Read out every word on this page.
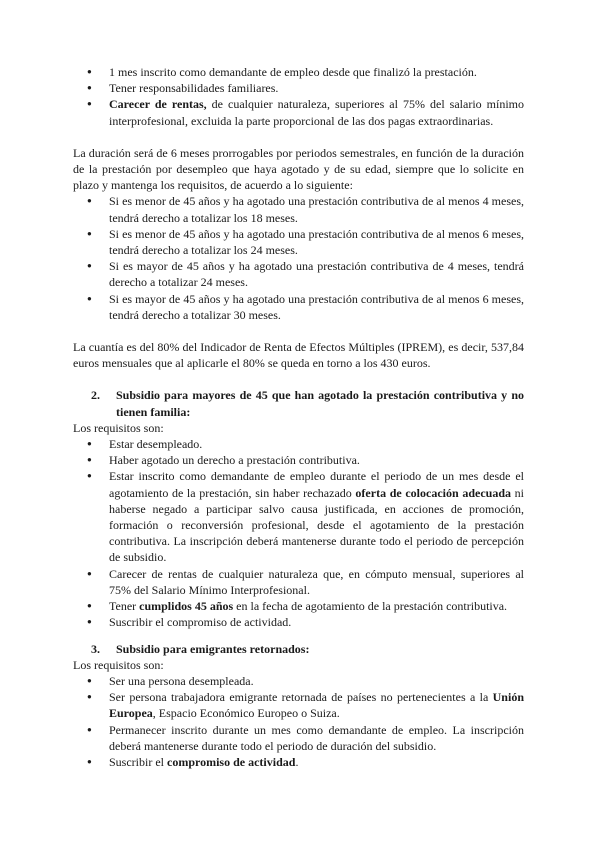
● 1 mes inscrito como demandante de empleo desde que finalizó la prestación.
● Tener responsabilidades familiares.
● Carecer de rentas, de cualquier naturaleza, superiores al 75% del salario mínimo interprofesional, excluida la parte proporcional de las dos pagas extraordinarias.

La duración será de 6 meses prorrogables por periodos semestrales, en función de la duración de la prestación por desempleo que haya agotado y de su edad, siempre que lo solicite en plazo y mantenga los requisitos, de acuerdo a lo siguiente:

● Si es menor de 45 años y ha agotado una prestación contributiva de al menos 4 meses, tendrá derecho a totalizar los 18 meses.
● Si es menor de 45 años y ha agotado una prestación contributiva de al menos 6 meses, tendrá derecho a totalizar los 24 meses.
● Si es mayor de 45 años y ha agotado una prestación contributiva de 4 meses, tendrá derecho a totalizar 24 meses.
● Si es mayor de 45 años y ha agotado una prestación contributiva de al menos 6 meses, tendrá derecho a totalizar 30 meses.

La cuantía es del 80% del Indicador de Renta de Efectos Múltiples (IPREM), es decir, 537,84 euros mensuales que al aplicarle el 80% se queda en torno a los 430 euros.

2. Subsidio para mayores de 45 que han agotado la prestación contributiva y no tienen familia:

Los requisitos son:

● Estar desempleado.
● Haber agotado un derecho a prestación contributiva.
● Estar inscrito como demandante de empleo durante el periodo de un mes desde el agotamiento de la prestación, sin haber rechazado oferta de colocación adecuada ni haberse negado a participar salvo causa justificada, en acciones de promoción, formación o reconversión profesional, desde el agotamiento de la prestación contributiva. La inscripción deberá mantenerse durante todo el periodo de percepción de subsidio.
● Carecer de rentas de cualquier naturaleza que, en cómputo mensual, superiores al 75% del Salario Mínimo Interprofesional.
● Tener cumplidos 45 años en la fecha de agotamiento de la prestación contributiva.
● Suscribir el compromiso de actividad.
3. Subsidio para emigrantes retornados:

Los requisitos son:

● Ser una persona desempleada.
● Ser persona trabajadora emigrante retornada de países no pertenecientes a la Unión Europea, Espacio Económico Europeo o Suiza.
● Permanecer inscrito durante un mes como demandante de empleo. La inscripción deberá mantenerse durante todo el periodo de duración del subsidio.
● Suscribir el compromiso de actividad.
